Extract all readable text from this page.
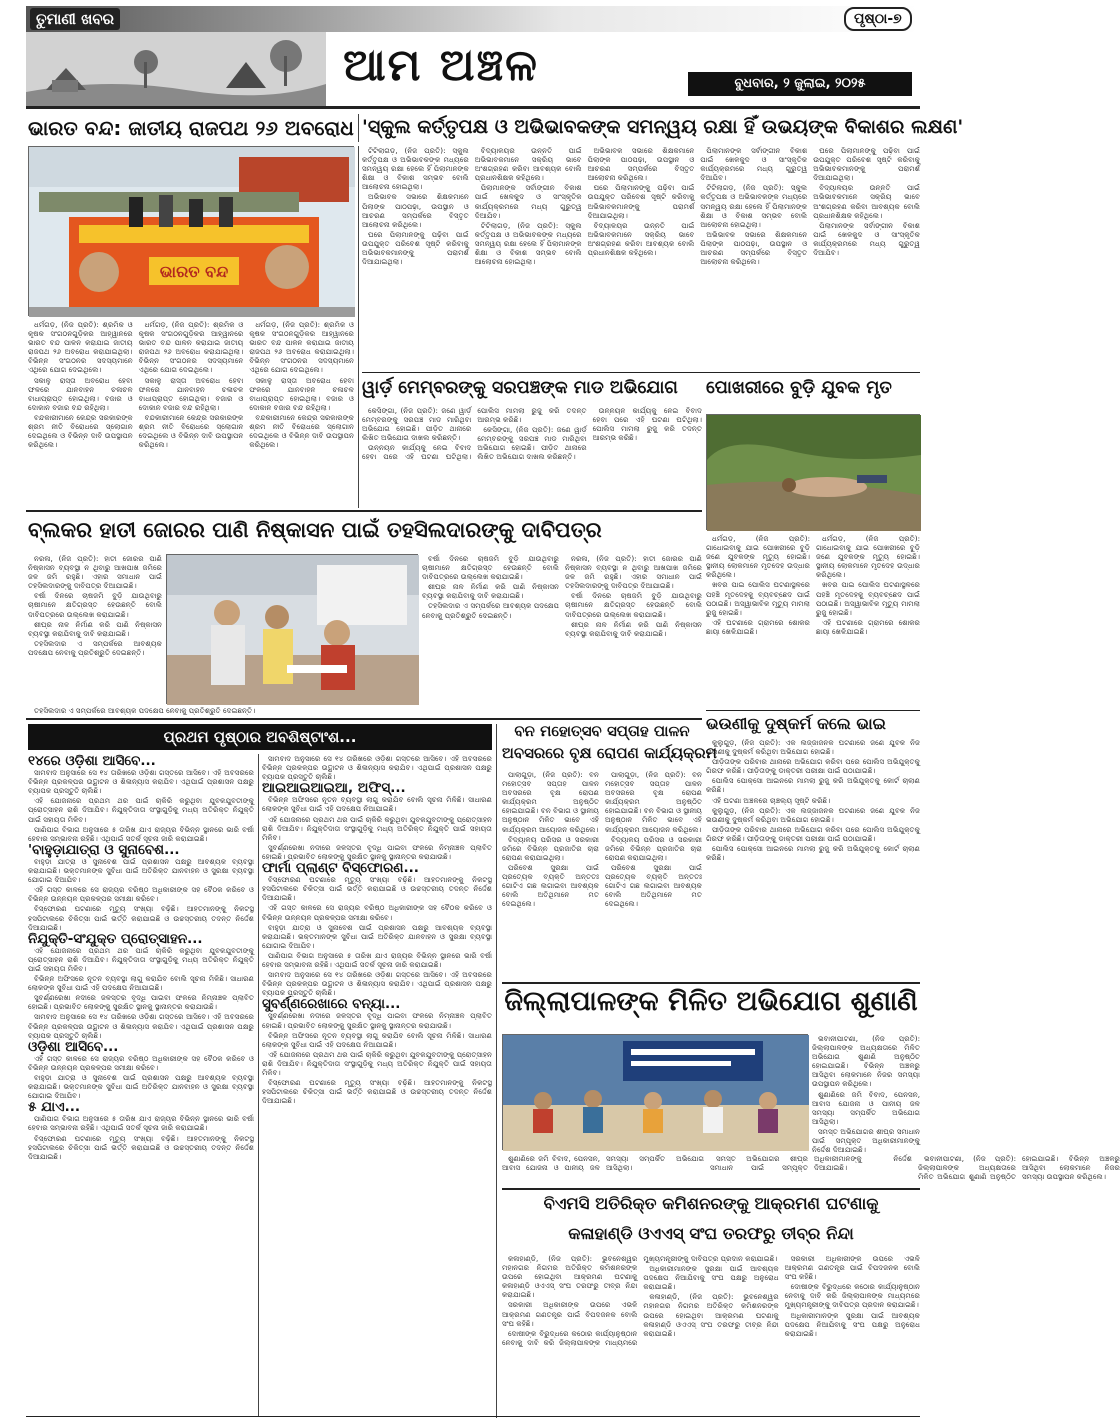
ତୁମାଣୀ ଖବର
ଆମ ଅଞ୍ଚଳ
ପୃଷ୍ଠା-୭
ବୁଧବାର, ୨ ଜୁଲାଇ, ୨୦୨୫
ଭାରତ ବନ୍ଦ: ଜାତୀୟ ରାଜପଥ ୨୬ ଅବରୋଧ 'ସ୍କୁଲ କର୍ତ୍ତୃପକ୍ଷ ଓ ଅଭିଭାବକଙ୍କ ସମନ୍ୱୟ ରକ୍ଷା ହିଁ ଉଭୟଙ୍କ ବିକାଶର ଲକ୍ଷଣ'
ଭାରତ ବନ୍ଦ

ଧର୍ମଗଡ଼, (ନିଜ ପ୍ରତି): ଶ୍ରମିକ ଓ କୃଷକ ସଂଗଠନଗୁଡ଼ିକର ଆହ୍ୱାନରେ ଭାରତ ବନ୍ଦ ପାଳନ କରାଯାଇ ଜାତୀୟ ରାଜପଥ ୨୬ ଅବରୋଧ କରାଯାଇଥିଲା। ବିଭିନ୍ନ ସଂଗଠନର ସଦସ୍ୟମାନେ ଏଥିରେ ଯୋଗ ଦେଇଥିଲେ।

ସକାଳୁ ରାସ୍ତା ଅବରୋଧ ହେବା ଫଳରେ ଯାନବାହନ ଚଳାଚଳ ବାଧାପ୍ରାପ୍ତ ହୋଇଥିଲା। ବଜାର ଓ ଦୋକାନ ବଜାର ବନ୍ଦ ରହିଥିଲା।

ବନ୍ଦକାରୀମାନେ କେନ୍ଦ୍ର ସରକାରଙ୍କ ଶ୍ରମ ନୀତି ବିରୋଧରେ ସ୍ଲୋଗାନ ଦେଇଥିଲେ ଓ ବିଭିନ୍ନ ଦାବି ଉପସ୍ଥାପନ କରିଥିଲେ।

ଧର୍ମଗଡ଼, (ନିଜ ପ୍ରତି): ଶ୍ରମିକ ଓ କୃଷକ ସଂଗଠନଗୁଡ଼ିକର ଆହ୍ୱାନରେ ଭାରତ ବନ୍ଦ ପାଳନ କରାଯାଇ ଜାତୀୟ ରାଜପଥ ୨୬ ଅବରୋଧ କରାଯାଇଥିଲା। ବିଭିନ୍ନ ସଂଗଠନର ସଦସ୍ୟମାନେ ଏଥିରେ ଯୋଗ ଦେଇଥିଲେ।

ସକାଳୁ ରାସ୍ତା ଅବରୋଧ ହେବା ଫଳରେ ଯାନବାହନ ଚଳାଚଳ ବାଧାପ୍ରାପ୍ତ ହୋଇଥିଲା। ବଜାର ଓ ଦୋକାନ ବଜାର ବନ୍ଦ ରହିଥିଲା।

ବନ୍ଦକାରୀମାନେ କେନ୍ଦ୍ର ସରକାରଙ୍କ ଶ୍ରମ ନୀତି ବିରୋଧରେ ସ୍ଲୋଗାନ ଦେଇଥିଲେ ଓ ବିଭିନ୍ନ ଦାବି ଉପସ୍ଥାପନ କରିଥିଲେ।

ଧର୍ମଗଡ଼, (ନିଜ ପ୍ରତି): ଶ୍ରମିକ ଓ କୃଷକ ସଂଗଠନଗୁଡ଼ିକର ଆହ୍ୱାନରେ ଭାରତ ବନ୍ଦ ପାଳନ କରାଯାଇ ଜାତୀୟ ରାଜପଥ ୨୬ ଅବରୋଧ କରାଯାଇଥିଲା। ବିଭିନ୍ନ ସଂଗଠନର ସଦସ୍ୟମାନେ ଏଥିରେ ଯୋଗ ଦେଇଥିଲେ।

ସକାଳୁ ରାସ୍ତା ଅବରୋଧ ହେବା ଫଳରେ ଯାନବାହନ ଚଳାଚଳ ବାଧାପ୍ରାପ୍ତ ହୋଇଥିଲା। ବଜାର ଓ ଦୋକାନ ବଜାର ବନ୍ଦ ରହିଥିଲା।

ବନ୍ଦକାରୀମାନେ କେନ୍ଦ୍ର ସରକାରଙ୍କ ଶ୍ରମ ନୀତି ବିରୋଧରେ ସ୍ଲୋଗାନ ଦେଇଥିଲେ ଓ ବିଭିନ୍ନ ଦାବି ଉପସ୍ଥାପନ କରିଥିଲେ।

ଟିଟିଲାଗଡ଼, (ନିଜ ପ୍ରତି): ସ୍କୁଲ କର୍ତ୍ତୃପକ୍ଷ ଓ ଅଭିଭାବକଙ୍କ ମଧ୍ୟରେ ସମନ୍ୱୟ ରକ୍ଷା ହେଲେ ହିଁ ପିଲାମାନଙ୍କ ଶିକ୍ଷା ଓ ବିକାଶ ସମ୍ଭବ ବୋଲି ଆଲୋଚନା ହୋଇଥିଲା।

ଅଭିଭାବକ ସଭାରେ ଶିକ୍ଷକମାନେ ପିଲାଙ୍କ ପାଠପଢ଼ା, ଉପସ୍ଥାନ ଓ ଆଚରଣ ସମ୍ପର୍କରେ ବିସ୍ତୃତ ଆଲୋଚନା କରିଥିଲେ।

ଘରେ ପିଲାମାନଙ୍କୁ ପଢ଼ିବା ପାଇଁ ଉପଯୁକ୍ତ ପରିବେଶ ସୃଷ୍ଟି କରିବାକୁ ଅଭିଭାବକମାନଙ୍କୁ ପରାମର୍ଶ ଦିଆଯାଇଥିଲା।

ବିଦ୍ୟାଳୟର ଉନ୍ନତି ପାଇଁ ଅଭିଭାବକମାନେ ସକ୍ରିୟ ଭାବେ ଅଂଶଗ୍ରହଣ କରିବା ଆବଶ୍ୟକ ବୋଲି ପ୍ରଧାନଶିକ୍ଷକ କହିଥିଲେ।

ପିଲାମାନଙ୍କ ସର୍ବାଙ୍ଗୀନ ବିକାଶ ପାଇଁ ଖେଳକୁଦ ଓ ସାଂସ୍କୃତିକ କାର୍ଯ୍ୟକ୍ରମରେ ମଧ୍ୟ ଗୁରୁତ୍ୱ ଦିଆଯିବ।

ଟିଟିଲାଗଡ଼, (ନିଜ ପ୍ରତି): ସ୍କୁଲ କର୍ତ୍ତୃପକ୍ଷ ଓ ଅଭିଭାବକଙ୍କ ମଧ୍ୟରେ ସମନ୍ୱୟ ରକ୍ଷା ହେଲେ ହିଁ ପିଲାମାନଙ୍କ ଶିକ୍ଷା ଓ ବିକାଶ ସମ୍ଭବ ବୋଲି ଆଲୋଚନା ହୋଇଥିଲା।

ଅଭିଭାବକ ସଭାରେ ଶିକ୍ଷକମାନେ ପିଲାଙ୍କ ପାଠପଢ଼ା, ଉପସ୍ଥାନ ଓ ଆଚରଣ ସମ୍ପର୍କରେ ବିସ୍ତୃତ ଆଲୋଚନା କରିଥିଲେ।

ଘରେ ପିଲାମାନଙ୍କୁ ପଢ଼ିବା ପାଇଁ ଉପଯୁକ୍ତ ପରିବେଶ ସୃଷ୍ଟି କରିବାକୁ ଅଭିଭାବକମାନଙ୍କୁ ପରାମର୍ଶ ଦିଆଯାଇଥିଲା।

ବିଦ୍ୟାଳୟର ଉନ୍ନତି ପାଇଁ ଅଭିଭାବକମାନେ ସକ୍ରିୟ ଭାବେ ଅଂଶଗ୍ରହଣ କରିବା ଆବଶ୍ୟକ ବୋଲି ପ୍ରଧାନଶିକ୍ଷକ କହିଥିଲେ।

ପିଲାମାନଙ୍କ ସର୍ବାଙ୍ଗୀନ ବିକାଶ ପାଇଁ ଖେଳକୁଦ ଓ ସାଂସ୍କୃତିକ କାର୍ଯ୍ୟକ୍ରମରେ ମଧ୍ୟ ଗୁରୁତ୍ୱ ଦିଆଯିବ।

ଟିଟିଲାଗଡ଼, (ନିଜ ପ୍ରତି): ସ୍କୁଲ କର୍ତ୍ତୃପକ୍ଷ ଓ ଅଭିଭାବକଙ୍କ ମଧ୍ୟରେ ସମନ୍ୱୟ ରକ୍ଷା ହେଲେ ହିଁ ପିଲାମାନଙ୍କ ଶିକ୍ଷା ଓ ବିକାଶ ସମ୍ଭବ ବୋଲି ଆଲୋଚନା ହୋଇଥିଲା।

ଅଭିଭାବକ ସଭାରେ ଶିକ୍ଷକମାନେ ପିଲାଙ୍କ ପାଠପଢ଼ା, ଉପସ୍ଥାନ ଓ ଆଚରଣ ସମ୍ପର୍କରେ ବିସ୍ତୃତ ଆଲୋଚନା କରିଥିଲେ।

ଘରେ ପିଲାମାନଙ୍କୁ ପଢ଼ିବା ପାଇଁ ଉପଯୁକ୍ତ ପରିବେଶ ସୃଷ୍ଟି କରିବାକୁ ଅଭିଭାବକମାନଙ୍କୁ ପରାମର୍ଶ ଦିଆଯାଇଥିଲା।

ବିଦ୍ୟାଳୟର ଉନ୍ନତି ପାଇଁ ଅଭିଭାବକମାନେ ସକ୍ରିୟ ଭାବେ ଅଂଶଗ୍ରହଣ କରିବା ଆବଶ୍ୟକ ବୋଲି ପ୍ରଧାନଶିକ୍ଷକ କହିଥିଲେ।

ପିଲାମାନଙ୍କ ସର୍ବାଙ୍ଗୀନ ବିକାଶ ପାଇଁ ଖେଳକୁଦ ଓ ସାଂସ୍କୃତିକ କାର୍ଯ୍ୟକ୍ରମରେ ମଧ୍ୟ ଗୁରୁତ୍ୱ ଦିଆଯିବ।

ୱାର୍ଡ଼ ମେମ୍ବରଙ୍କୁ ସରପଞ୍ଚଙ୍କ ମାଡ ଅଭିଯୋଗ

କେସିଙ୍ଗା, (ନିଜ ପ୍ରତି): ଜଣେ ୱାର୍ଡ଼ ମେମ୍ବରଙ୍କୁ ସରପଞ୍ଚ ମାଡ ମାରିଥିବା ଅଭିଯୋଗ ହୋଇଛି। ପୀଡ଼ିତ ଥାନାରେ ଲିଖିତ ଅଭିଯୋଗ ଦାଖଲ କରିଛନ୍ତି।

ଉନ୍ନୟନ କାର୍ଯ୍ୟକୁ ନେଇ ବିବାଦ ହେବା ପରେ ଏହି ଘଟଣା ଘଟିଥିଲା। ପୋଲିସ ମାମଲା ରୁଜୁ କରି ତଦନ୍ତ ଆରମ୍ଭ କରିଛି।

କେସିଙ୍ଗା, (ନିଜ ପ୍ରତି): ଜଣେ ୱାର୍ଡ଼ ମେମ୍ବରଙ୍କୁ ସରପଞ୍ଚ ମାଡ ମାରିଥିବା ଅଭିଯୋଗ ହୋଇଛି। ପୀଡ଼ିତ ଥାନାରେ ଲିଖିତ ଅଭିଯୋଗ ଦାଖଲ କରିଛନ୍ତି।

ଉନ୍ନୟନ କାର୍ଯ୍ୟକୁ ନେଇ ବିବାଦ ହେବା ପରେ ଏହି ଘଟଣା ଘଟିଥିଲା। ପୋଲିସ ମାମଲା ରୁଜୁ କରି ତଦନ୍ତ ଆରମ୍ଭ କରିଛି।

ପୋଖରୀରେ ବୁଡ଼ି ଯୁବକ ମୃତ
ବ୍ଲକର ହାତୀ ଜୋରର ପାଣି ନିଷ୍କାସନ ପାଇଁ ତହସିଲଦାରଙ୍କୁ ଦାବିପତ୍ର

ନରଳା, (ନିଜ ପ୍ରତି): ହାତୀ ଜୋରର ପାଣି ନିଷ୍କାସନ ବ୍ୟବସ୍ଥା ନ ଥିବାରୁ ଆଖପାଖ ଜମିରେ ଜଳ ଜମି ରହୁଛି। ଏହାର ସମାଧାନ ପାଇଁ ତହସିଲଦାରଙ୍କୁ ଦାବିପତ୍ର ଦିଆଯାଇଛି।

ବର୍ଷା ଦିନରେ ଚାଷଜମି ବୁଡ଼ି ଯାଉଥିବାରୁ ଚାଷୀମାନେ କ୍ଷତିଗ୍ରସ୍ତ ହେଉଛନ୍ତି ବୋଲି ଦାବିପତ୍ରରେ ଉଲ୍ଲେଖ କରାଯାଇଛି।

ଶୀଘ୍ର ନାଳ ନିର୍ମାଣ କରି ପାଣି ନିଷ୍କାସନ ବ୍ୟବସ୍ଥା କରାଯିବାକୁ ଦାବି କରାଯାଇଛି।

ତହସିଲଦାର ଏ ସମ୍ପର୍କରେ ଆବଶ୍ୟକ ପଦକ୍ଷେପ ନେବାକୁ ପ୍ରତିଶ୍ରୁତି ଦେଇଛନ୍ତି।

ବର୍ଷା ଦିନରେ ଚାଷଜମି ବୁଡ଼ି ଯାଉଥିବାରୁ ଚାଷୀମାନେ କ୍ଷତିଗ୍ରସ୍ତ ହେଉଛନ୍ତି ବୋଲି ଦାବିପତ୍ରରେ ଉଲ୍ଲେଖ କରାଯାଇଛି।

ଶୀଘ୍ର ନାଳ ନିର୍ମାଣ କରି ପାଣି ନିଷ୍କାସନ ବ୍ୟବସ୍ଥା କରାଯିବାକୁ ଦାବି କରାଯାଇଛି।

ତହସିଲଦାର ଏ ସମ୍ପର୍କରେ ଆବଶ୍ୟକ ପଦକ୍ଷେପ ନେବାକୁ ପ୍ରତିଶ୍ରୁତି ଦେଇଛନ୍ତି।

ନରଳା, (ନିଜ ପ୍ରତି): ହାତୀ ଜୋରର ପାଣି ନିଷ୍କାସନ ବ୍ୟବସ୍ଥା ନ ଥିବାରୁ ଆଖପାଖ ଜମିରେ ଜଳ ଜମି ରହୁଛି। ଏହାର ସମାଧାନ ପାଇଁ ତହସିଲଦାରଙ୍କୁ ଦାବିପତ୍ର ଦିଆଯାଇଛି।

ବର୍ଷା ଦିନରେ ଚାଷଜମି ବୁଡ଼ି ଯାଉଥିବାରୁ ଚାଷୀମାନେ କ୍ଷତିଗ୍ରସ୍ତ ହେଉଛନ୍ତି ବୋଲି ଦାବିପତ୍ରରେ ଉଲ୍ଲେଖ କରାଯାଇଛି।

ଶୀଘ୍ର ନାଳ ନିର୍ମାଣ କରି ପାଣି ନିଷ୍କାସନ ବ୍ୟବସ୍ଥା କରାଯିବାକୁ ଦାବି କରାଯାଇଛି।

ତହସିଲଦାର ଏ ସମ୍ପର୍କରେ ଆବଶ୍ୟକ ପଦକ୍ଷେପ ନେବାକୁ ପ୍ରତିଶ୍ରୁତି ଦେଇଛନ୍ତି।

ଧର୍ମଗଡ଼, (ନିଜ ପ୍ରତି): ଗାଧୋଇବାକୁ ଯାଇ ପୋଖରୀରେ ବୁଡ଼ି ଜଣେ ଯୁବକଙ୍କ ମୃତ୍ୟୁ ହୋଇଛି। ସ୍ଥାନୀୟ ଲୋକମାନେ ମୃତଦେହ ଉଦ୍ଧାର କରିଥିଲେ।

ଖବର ପାଇ ପୋଲିସ ଘଟଣାସ୍ଥଳରେ ପହଞ୍ଚି ମୃତଦେହକୁ ବ୍ୟବଚ୍ଛେଦ ପାଇଁ ପଠାଇଛି। ଅସ୍ୱାଭାବିକ ମୃତ୍ୟୁ ମାମଲା ରୁଜୁ ହୋଇଛି।

ଏହି ଘଟଣାରେ ଗ୍ରାମରେ ଶୋକର ଛାୟା ଖେଳିଯାଇଛି।

ଧର୍ମଗଡ଼, (ନିଜ ପ୍ରତି): ଗାଧୋଇବାକୁ ଯାଇ ପୋଖରୀରେ ବୁଡ଼ି ଜଣେ ଯୁବକଙ୍କ ମୃତ୍ୟୁ ହୋଇଛି। ସ୍ଥାନୀୟ ଲୋକମାନେ ମୃତଦେହ ଉଦ୍ଧାର କରିଥିଲେ।

ଖବର ପାଇ ପୋଲିସ ଘଟଣାସ୍ଥଳରେ ପହଞ୍ଚି ମୃତଦେହକୁ ବ୍ୟବଚ୍ଛେଦ ପାଇଁ ପଠାଇଛି। ଅସ୍ୱାଭାବିକ ମୃତ୍ୟୁ ମାମଲା ରୁଜୁ ହୋଇଛି।

ଏହି ଘଟଣାରେ ଗ୍ରାମରେ ଶୋକର ଛାୟା ଖେଳିଯାଇଛି।

ଭଉଣୀକୁ ଦୁଷ୍କର୍ମ କଲେ ଭାଇ

କୁଲୁଗୁଡ଼, (ନିଜ ପ୍ରତି): ଏକ ଲଜ୍ଜାଜନକ ଘଟଣାରେ ଜଣେ ଯୁବକ ନିଜ ଭଉଣୀକୁ ଦୁଷ୍କର୍ମ କରିଥିବା ଅଭିଯୋଗ ହୋଇଛି।

ପୀଡ଼ିତାଙ୍କ ପରିବାର ଥାନାରେ ଅଭିଯୋଗ କରିବା ପରେ ପୋଲିସ ଅଭିଯୁକ୍ତକୁ ଗିରଫ କରିଛି। ପୀଡ଼ିତାଙ୍କୁ ଡାକ୍ତରୀ ପରୀକ୍ଷା ପାଇଁ ପଠାଯାଇଛି।

ପୋଲିସ ପୋକ୍ସୋ ଆଇନରେ ମାମଲା ରୁଜୁ କରି ଅଭିଯୁକ୍ତକୁ କୋର୍ଟ ଚାଲାଣ କରିଛି।

ଏହି ଘଟଣା ଅଞ୍ଚଳରେ ଚାଞ୍ଚଲ୍ୟ ସୃଷ୍ଟି କରିଛି।

କୁଲୁଗୁଡ଼, (ନିଜ ପ୍ରତି): ଏକ ଲଜ୍ଜାଜନକ ଘଟଣାରେ ଜଣେ ଯୁବକ ନିଜ ଭଉଣୀକୁ ଦୁଷ୍କର୍ମ କରିଥିବା ଅଭିଯୋଗ ହୋଇଛି।

ପୀଡ଼ିତାଙ୍କ ପରିବାର ଥାନାରେ ଅଭିଯୋଗ କରିବା ପରେ ପୋଲିସ ଅଭିଯୁକ୍ତକୁ ଗିରଫ କରିଛି। ପୀଡ଼ିତାଙ୍କୁ ଡାକ୍ତରୀ ପରୀକ୍ଷା ପାଇଁ ପଠାଯାଇଛି।

ପୋଲିସ ପୋକ୍ସୋ ଆଇନରେ ମାମଲା ରୁଜୁ କରି ଅଭିଯୁକ୍ତକୁ କୋର୍ଟ ଚାଲାଣ କରିଛି।

ପ୍ରଥମ ପୃଷ୍ଠାର ଅବଶିଷ୍ଟାଂଶ...
୧୪ରେ ଓଡ଼ିଶା ଆସିବେ...

ସାମବାଦ ଅନୁସାରେ ସେ ୧୪ ତାରିଖରେ ଓଡ଼ିଶା ଗସ୍ତରେ ଆସିବେ। ଏହି ଅବସରରେ ବିଭିନ୍ନ ପ୍ରକଳ୍ପର ଉଦ୍ଘାଟନ ଓ ଶିଳାନ୍ୟାସ କରାଯିବ। ଏଥିପାଇଁ ପ୍ରଶାସନ ପକ୍ଷରୁ ବ୍ୟାପକ ପ୍ରସ୍ତୁତି ଚାଲିଛି।

ଏହି ଯୋଜନାରେ ପ୍ରଥମ ଥର ପାଇଁ ଚାକିରି କରୁଥିବା ଯୁବକଯୁବତୀଙ୍କୁ ପ୍ରୋତ୍ସାହନ ରାଶି ଦିଆଯିବ। ନିଯୁକ୍ତିଦାତା ସଂସ୍ଥାଗୁଡ଼ିକୁ ମଧ୍ୟ ଅତିରିକ୍ତ ନିଯୁକ୍ତି ପାଇଁ ସହାୟତା ମିଳିବ।

ପାଣିପାଗ ବିଭାଗ ଅନୁସାରେ ୫ ତାରିଖ ଯାଏ ରାଜ୍ୟର ବିଭିନ୍ନ ସ୍ଥାନରେ ଭାରି ବର୍ଷା ହେବାର ସମ୍ଭାବନା ରହିଛି। ଏଥିପାଇଁ ସତର୍କ ସୂଚନା ଜାରି କରାଯାଇଛି।

'ବାହୁଡ଼ାଯାତ୍ରା ଓ ସୁନାବେଶ...

ବାହୁଡ଼ା ଯାତ୍ରା ଓ ସୁନାବେଶ ପାଇଁ ପ୍ରଶାସନ ପକ୍ଷରୁ ଆବଶ୍ୟକ ବ୍ୟବସ୍ଥା କରାଯାଇଛି। ଭକ୍ତମାନଙ୍କ ସୁବିଧା ପାଇଁ ଅତିରିକ୍ତ ଯାନବାହନ ଓ ସୁରକ୍ଷା ବ୍ୟବସ୍ଥା ଯୋଗାଇ ଦିଆଯିବ।

ଏହି ଗସ୍ତ କାଳରେ ସେ ରାଜ୍ୟର ବରିଷ୍ଠ ଅଧିକାରୀଙ୍କ ସହ ବୈଠକ କରିବେ ଓ ବିଭିନ୍ନ ଉନ୍ନୟନ ପ୍ରକଳ୍ପର ସମୀକ୍ଷା କରିବେ।

ବିସ୍ଫୋରଣ ଘଟଣାରେ ମୃତ୍ୟୁ ସଂଖ୍ୟା ବଢ଼ିଛି। ଆହତମାନଙ୍କୁ ନିକଟସ୍ଥ ହସପିଟାଲରେ ଚିକିତ୍ସା ପାଇଁ ଭର୍ତ୍ତି କରାଯାଇଛି ଓ ଉଚ୍ଚସ୍ତରୀୟ ତଦନ୍ତ ନିର୍ଦ୍ଦେଶ ଦିଆଯାଇଛି।

ନିଯୁକ୍ତି-ସଂଯୁକ୍ତ ପ୍ରୋତ୍ସାହନ...

ଏହି ଯୋଜନାରେ ପ୍ରଥମ ଥର ପାଇଁ ଚାକିରି କରୁଥିବା ଯୁବକଯୁବତୀଙ୍କୁ ପ୍ରୋତ୍ସାହନ ରାଶି ଦିଆଯିବ। ନିଯୁକ୍ତିଦାତା ସଂସ୍ଥାଗୁଡ଼ିକୁ ମଧ୍ୟ ଅତିରିକ୍ତ ନିଯୁକ୍ତି ପାଇଁ ସହାୟତା ମିଳିବ।

ବିଭିନ୍ନ ଅଫିସରେ ନୂତନ ବ୍ୟବସ୍ଥା ଲାଗୁ କରାଯିବ ବୋଲି ସୂଚନା ମିଳିଛି। ସାଧାରଣ ଲୋକଙ୍କ ସୁବିଧା ପାଇଁ ଏହି ପଦକ୍ଷେପ ନିଆଯାଇଛି।

ସୁବର୍ଣ୍ଣରେଖା ନଦୀରେ ଜଳସ୍ତର ବୃଦ୍ଧି ପାଇବା ଫଳରେ ନିମ୍ନାଞ୍ଚଳ ପ୍ଲାବିତ ହୋଇଛି। ପ୍ରଭାବିତ ଲୋକଙ୍କୁ ସୁରକ୍ଷିତ ସ୍ଥାନକୁ ସ୍ଥାନାନ୍ତର କରାଯାଉଛି।

ସାମବାଦ ଅନୁସାରେ ସେ ୧୪ ତାରିଖରେ ଓଡ଼ିଶା ଗସ୍ତରେ ଆସିବେ। ଏହି ଅବସରରେ ବିଭିନ୍ନ ପ୍ରକଳ୍ପର ଉଦ୍ଘାଟନ ଓ ଶିଳାନ୍ୟାସ କରାଯିବ। ଏଥିପାଇଁ ପ୍ରଶାସନ ପକ୍ଷରୁ ବ୍ୟାପକ ପ୍ରସ୍ତୁତି ଚାଲିଛି।

ଓଡ଼ିଶା ଆସିବେ...

ଏହି ଗସ୍ତ କାଳରେ ସେ ରାଜ୍ୟର ବରିଷ୍ଠ ଅଧିକାରୀଙ୍କ ସହ ବୈଠକ କରିବେ ଓ ବିଭିନ୍ନ ଉନ୍ନୟନ ପ୍ରକଳ୍ପର ସମୀକ୍ଷା କରିବେ।

ବାହୁଡ଼ା ଯାତ୍ରା ଓ ସୁନାବେଶ ପାଇଁ ପ୍ରଶାସନ ପକ୍ଷରୁ ଆବଶ୍ୟକ ବ୍ୟବସ୍ଥା କରାଯାଇଛି। ଭକ୍ତମାନଙ୍କ ସୁବିଧା ପାଇଁ ଅତିରିକ୍ତ ଯାନବାହନ ଓ ସୁରକ୍ଷା ବ୍ୟବସ୍ଥା ଯୋଗାଇ ଦିଆଯିବ।

୫ ଯାଏ...

ପାଣିପାଗ ବିଭାଗ ଅନୁସାରେ ୫ ତାରିଖ ଯାଏ ରାଜ୍ୟର ବିଭିନ୍ନ ସ୍ଥାନରେ ଭାରି ବର୍ଷା ହେବାର ସମ୍ଭାବନା ରହିଛି। ଏଥିପାଇଁ ସତର୍କ ସୂଚନା ଜାରି କରାଯାଇଛି।

ବିସ୍ଫୋରଣ ଘଟଣାରେ ମୃତ୍ୟୁ ସଂଖ୍ୟା ବଢ଼ିଛି। ଆହତମାନଙ୍କୁ ନିକଟସ୍ଥ ହସପିଟାଲରେ ଚିକିତ୍ସା ପାଇଁ ଭର୍ତ୍ତି କରାଯାଇଛି ଓ ଉଚ୍ଚସ୍ତରୀୟ ତଦନ୍ତ ନିର୍ଦ୍ଦେଶ ଦିଆଯାଇଛି।

ସାମବାଦ ଅନୁସାରେ ସେ ୧୪ ତାରିଖରେ ଓଡ଼ିଶା ଗସ୍ତରେ ଆସିବେ। ଏହି ଅବସରରେ ବିଭିନ୍ନ ପ୍ରକଳ୍ପର ଉଦ୍ଘାଟନ ଓ ଶିଳାନ୍ୟାସ କରାଯିବ। ଏଥିପାଇଁ ପ୍ରଶାସନ ପକ୍ଷରୁ ବ୍ୟାପକ ପ୍ରସ୍ତୁତି ଚାଲିଛି।

ଆଇଆଇଆଇଆ, ଅଫିସ୍...

ବିଭିନ୍ନ ଅଫିସରେ ନୂତନ ବ୍ୟବସ୍ଥା ଲାଗୁ କରାଯିବ ବୋଲି ସୂଚନା ମିଳିଛି। ସାଧାରଣ ଲୋକଙ୍କ ସୁବିଧା ପାଇଁ ଏହି ପଦକ୍ଷେପ ନିଆଯାଇଛି।

ଏହି ଯୋଜନାରେ ପ୍ରଥମ ଥର ପାଇଁ ଚାକିରି କରୁଥିବା ଯୁବକଯୁବତୀଙ୍କୁ ପ୍ରୋତ୍ସାହନ ରାଶି ଦିଆଯିବ। ନିଯୁକ୍ତିଦାତା ସଂସ୍ଥାଗୁଡ଼ିକୁ ମଧ୍ୟ ଅତିରିକ୍ତ ନିଯୁକ୍ତି ପାଇଁ ସହାୟତା ମିଳିବ।

ସୁବର୍ଣ୍ଣରେଖା ନଦୀରେ ଜଳସ୍ତର ବୃଦ୍ଧି ପାଇବା ଫଳରେ ନିମ୍ନାଞ୍ଚଳ ପ୍ଲାବିତ ହୋଇଛି। ପ୍ରଭାବିତ ଲୋକଙ୍କୁ ସୁରକ୍ଷିତ ସ୍ଥାନକୁ ସ୍ଥାନାନ୍ତର କରାଯାଉଛି।

ଫାର୍ମା ପ୍ଲାଣ୍ଟ ବିସ୍ଫୋରଣ...

ବିସ୍ଫୋରଣ ଘଟଣାରେ ମୃତ୍ୟୁ ସଂଖ୍ୟା ବଢ଼ିଛି। ଆହତମାନଙ୍କୁ ନିକଟସ୍ଥ ହସପିଟାଲରେ ଚିକିତ୍ସା ପାଇଁ ଭର୍ତ୍ତି କରାଯାଇଛି ଓ ଉଚ୍ଚସ୍ତରୀୟ ତଦନ୍ତ ନିର୍ଦ୍ଦେଶ ଦିଆଯାଇଛି।

ଏହି ଗସ୍ତ କାଳରେ ସେ ରାଜ୍ୟର ବରିଷ୍ଠ ଅଧିକାରୀଙ୍କ ସହ ବୈଠକ କରିବେ ଓ ବିଭିନ୍ନ ଉନ୍ନୟନ ପ୍ରକଳ୍ପର ସମୀକ୍ଷା କରିବେ।

ବାହୁଡ଼ା ଯାତ୍ରା ଓ ସୁନାବେଶ ପାଇଁ ପ୍ରଶାସନ ପକ୍ଷରୁ ଆବଶ୍ୟକ ବ୍ୟବସ୍ଥା କରାଯାଇଛି। ଭକ୍ତମାନଙ୍କ ସୁବିଧା ପାଇଁ ଅତିରିକ୍ତ ଯାନବାହନ ଓ ସୁରକ୍ଷା ବ୍ୟବସ୍ଥା ଯୋଗାଇ ଦିଆଯିବ।

ପାଣିପାଗ ବିଭାଗ ଅନୁସାରେ ୫ ତାରିଖ ଯାଏ ରାଜ୍ୟର ବିଭିନ୍ନ ସ୍ଥାନରେ ଭାରି ବର୍ଷା ହେବାର ସମ୍ଭାବନା ରହିଛି। ଏଥିପାଇଁ ସତର୍କ ସୂଚନା ଜାରି କରାଯାଇଛି।

ସାମବାଦ ଅନୁସାରେ ସେ ୧୪ ତାରିଖରେ ଓଡ଼ିଶା ଗସ୍ତରେ ଆସିବେ। ଏହି ଅବସରରେ ବିଭିନ୍ନ ପ୍ରକଳ୍ପର ଉଦ୍ଘାଟନ ଓ ଶିଳାନ୍ୟାସ କରାଯିବ। ଏଥିପାଇଁ ପ୍ରଶାସନ ପକ୍ଷରୁ ବ୍ୟାପକ ପ୍ରସ୍ତୁତି ଚାଲିଛି।

ସୁବର୍ଣ୍ଣରେଖାରେ ବନ୍ୟା...

ସୁବର୍ଣ୍ଣରେଖା ନଦୀରେ ଜଳସ୍ତର ବୃଦ୍ଧି ପାଇବା ଫଳରେ ନିମ୍ନାଞ୍ଚଳ ପ୍ଲାବିତ ହୋଇଛି। ପ୍ରଭାବିତ ଲୋକଙ୍କୁ ସୁରକ୍ଷିତ ସ୍ଥାନକୁ ସ୍ଥାନାନ୍ତର କରାଯାଉଛି।

ବିଭିନ୍ନ ଅଫିସରେ ନୂତନ ବ୍ୟବସ୍ଥା ଲାଗୁ କରାଯିବ ବୋଲି ସୂଚନା ମିଳିଛି। ସାଧାରଣ ଲୋକଙ୍କ ସୁବିଧା ପାଇଁ ଏହି ପଦକ୍ଷେପ ନିଆଯାଇଛି।

ଏହି ଯୋଜନାରେ ପ୍ରଥମ ଥର ପାଇଁ ଚାକିରି କରୁଥିବା ଯୁବକଯୁବତୀଙ୍କୁ ପ୍ରୋତ୍ସାହନ ରାଶି ଦିଆଯିବ। ନିଯୁକ୍ତିଦାତା ସଂସ୍ଥାଗୁଡ଼ିକୁ ମଧ୍ୟ ଅତିରିକ୍ତ ନିଯୁକ୍ତି ପାଇଁ ସହାୟତା ମିଳିବ।

ବିସ୍ଫୋରଣ ଘଟଣାରେ ମୃତ୍ୟୁ ସଂଖ୍ୟା ବଢ଼ିଛି। ଆହତମାନଙ୍କୁ ନିକଟସ୍ଥ ହସପିଟାଲରେ ଚିକିତ୍ସା ପାଇଁ ଭର୍ତ୍ତି କରାଯାଇଛି ଓ ଉଚ୍ଚସ୍ତରୀୟ ତଦନ୍ତ ନିର୍ଦ୍ଦେଶ ଦିଆଯାଇଛି।

ବନ ମହୋତ୍ସବ ସପ୍ତାହ ପାଳନ
ଅବସରରେ ବୃକ୍ଷ ରୋପଣ କାର୍ଯ୍ୟକ୍ରମ

ପାଲାଗୁଡ଼ା, (ନିଜ ପ୍ରତି): ବନ ମହୋତ୍ସବ ସପ୍ତାହ ପାଳନ ଅବସରରେ ବୃକ୍ଷ ରୋପଣ କାର୍ଯ୍ୟକ୍ରମ ଅନୁଷ୍ଠିତ ହୋଇଯାଇଛି। ବନ ବିଭାଗ ଓ ସ୍ଥାନୀୟ ଅନୁଷ୍ଠାନ ମିଳିତ ଭାବେ ଏହି କାର୍ଯ୍ୟକ୍ରମ ଆୟୋଜନ କରିଥିଲେ।

ବିଦ୍ୟାଳୟ ପରିସର ଓ ସରକାରୀ ଜମିରେ ବିଭିନ୍ନ ପ୍ରଜାତିର ଚାରା ରୋପଣ କରାଯାଇଥିଲା।

ପରିବେଶ ସୁରକ୍ଷା ପାଇଁ ପ୍ରତ୍ୟେକ ବ୍ୟକ୍ତି ଅନ୍ତତଃ ଗୋଟିଏ ଗଛ ଲଗାଇବା ଆବଶ୍ୟକ ବୋଲି ଅତିଥିମାନେ ମତ ଦେଇଥିଲେ।

ପାଲାଗୁଡ଼ା, (ନିଜ ପ୍ରତି): ବନ ମହୋତ୍ସବ ସପ୍ତାହ ପାଳନ ଅବସରରେ ବୃକ୍ଷ ରୋପଣ କାର୍ଯ୍ୟକ୍ରମ ଅନୁଷ୍ଠିତ ହୋଇଯାଇଛି। ବନ ବିଭାଗ ଓ ସ୍ଥାନୀୟ ଅନୁଷ୍ଠାନ ମିଳିତ ଭାବେ ଏହି କାର୍ଯ୍ୟକ୍ରମ ଆୟୋଜନ କରିଥିଲେ।

ବିଦ୍ୟାଳୟ ପରିସର ଓ ସରକାରୀ ଜମିରେ ବିଭିନ୍ନ ପ୍ରଜାତିର ଚାରା ରୋପଣ କରାଯାଇଥିଲା।

ପରିବେଶ ସୁରକ୍ଷା ପାଇଁ ପ୍ରତ୍ୟେକ ବ୍ୟକ୍ତି ଅନ୍ତତଃ ଗୋଟିଏ ଗଛ ଲଗାଇବା ଆବଶ୍ୟକ ବୋଲି ଅତିଥିମାନେ ମତ ଦେଇଥିଲେ।

ଜିଲ୍ଲାପାଳଙ୍କ ମିଳିତ ଅଭିଯୋଗ ଶୁଣାଣି

ଭବାନୀପାଟଣା, (ନିଜ ପ୍ରତି): ଜିଲ୍ଲାପାଳଙ୍କ ଅଧ୍ୟକ୍ଷତାରେ ମିଳିତ ଅଭିଯୋଗ ଶୁଣାଣି ଅନୁଷ୍ଠିତ ହୋଇଯାଇଛି। ବିଭିନ୍ନ ଅଞ୍ଚଳରୁ ଆସିଥିବା ଲୋକମାନେ ନିଜର ସମସ୍ୟା ଉପସ୍ଥାପନ କରିଥିଲେ।

ଶୁଣାଣିରେ ଜମି ବିବାଦ, ପେନସନ, ଆବାସ ଯୋଜନା ଓ ପାନୀୟ ଜଳ ସମସ୍ୟା ସମ୍ପର୍କିତ ଅଭିଯୋଗ ଆସିଥିଲା।

ସମସ୍ତ ଅଭିଯୋଗର ଶୀଘ୍ର ସମାଧାନ ପାଇଁ ସମ୍ପୃକ୍ତ ଅଧିକାରୀମାନଙ୍କୁ ନିର୍ଦ୍ଦେଶ ଦିଆଯାଇଛି।

ଶୁଣାଣିରେ ଜମି ବିବାଦ, ପେନସନ, ଆବାସ ଯୋଜନା ଓ ପାନୀୟ ଜଳ ସମସ୍ୟା ସମ୍ପର୍କିତ ଅଭିଯୋଗ ଆସିଥିଲା।

ସମସ୍ତ ଅଭିଯୋଗର ଶୀଘ୍ର ସମାଧାନ ପାଇଁ ସମ୍ପୃକ୍ତ ଅଧିକାରୀମାନଙ୍କୁ ନିର୍ଦ୍ଦେଶ ଦିଆଯାଇଛି।

ଭବାନୀପାଟଣା, (ନିଜ ପ୍ରତି): ଜିଲ୍ଲାପାଳଙ୍କ ଅଧ୍ୟକ୍ଷତାରେ ମିଳିତ ଅଭିଯୋଗ ଶୁଣାଣି ଅନୁଷ୍ଠିତ ହୋଇଯାଇଛି। ବିଭିନ୍ନ ଅଞ୍ଚଳରୁ ଆସିଥିବା ଲୋକମାନେ ନିଜର ସମସ୍ୟା ଉପସ୍ଥାପନ କରିଥିଲେ।

ବିଏମସି ଅତିରିକ୍ତ କମିଶନରଙ୍କୁ ଆକ୍ରମଣ ଘଟଣାକୁ
କଳାହାଣ୍ଡି ଓଏଏସ୍ ସଂଘ ତରଫରୁ ତୀବ୍ର ନିନ୍ଦା

କଳାହାଣ୍ଡି, (ନିଜ ପ୍ରତି): ଭୁବନେଶ୍ୱର ମହାନଗର ନିଗମର ଅତିରିକ୍ତ କମିଶନରଙ୍କ ଉପରେ ହୋଇଥିବା ଆକ୍ରମଣ ଘଟଣାକୁ କଳାହାଣ୍ଡି ଓଏଏସ୍ ସଂଘ ତରଫରୁ ତୀବ୍ର ନିନ୍ଦା କରାଯାଇଛି।

ସରକାରୀ ଅଧିକାରୀଙ୍କ ଉପରେ ଏଭଳି ଆକ୍ରମଣ ଗଣତନ୍ତ୍ର ପାଇଁ ବିପଦଜନକ ବୋଲି ସଂଘ କହିଛି।

ଦୋଷୀଙ୍କ ବିରୁଦ୍ଧରେ କଠୋର କାର୍ଯ୍ୟାନୁଷ୍ଠାନ ନେବାକୁ ଦାବି କରି ଜିଲ୍ଲାପାଳଙ୍କ ମାଧ୍ୟମରେ ମୁଖ୍ୟମନ୍ତ୍ରୀଙ୍କୁ ଦାବିପତ୍ର ପ୍ରଦାନ କରାଯାଇଛି।

ଅଧିକାରୀମାନଙ୍କ ସୁରକ୍ଷା ପାଇଁ ଆବଶ୍ୟକ ପଦକ୍ଷେପ ନିଆଯିବାକୁ ସଂଘ ପକ୍ଷରୁ ଅନୁରୋଧ କରାଯାଇଛି।

କଳାହାଣ୍ଡି, (ନିଜ ପ୍ରତି): ଭୁବନେଶ୍ୱର ମହାନଗର ନିଗମର ଅତିରିକ୍ତ କମିଶନରଙ୍କ ଉପରେ ହୋଇଥିବା ଆକ୍ରମଣ ଘଟଣାକୁ କଳାହାଣ୍ଡି ଓଏଏସ୍ ସଂଘ ତରଫରୁ ତୀବ୍ର ନିନ୍ଦା କରାଯାଇଛି।

ସରକାରୀ ଅଧିକାରୀଙ୍କ ଉପରେ ଏଭଳି ଆକ୍ରମଣ ଗଣତନ୍ତ୍ର ପାଇଁ ବିପଦଜନକ ବୋଲି ସଂଘ କହିଛି।

ଦୋଷୀଙ୍କ ବିରୁଦ୍ଧରେ କଠୋର କାର୍ଯ୍ୟାନୁଷ୍ଠାନ ନେବାକୁ ଦାବି କରି ଜିଲ୍ଲାପାଳଙ୍କ ମାଧ୍ୟମରେ ମୁଖ୍ୟମନ୍ତ୍ରୀଙ୍କୁ ଦାବିପତ୍ର ପ୍ରଦାନ କରାଯାଇଛି।

ଅଧିକାରୀମାନଙ୍କ ସୁରକ୍ଷା ପାଇଁ ଆବଶ୍ୟକ ପଦକ୍ଷେପ ନିଆଯିବାକୁ ସଂଘ ପକ୍ଷରୁ ଅନୁରୋଧ କରାଯାଇଛି।
